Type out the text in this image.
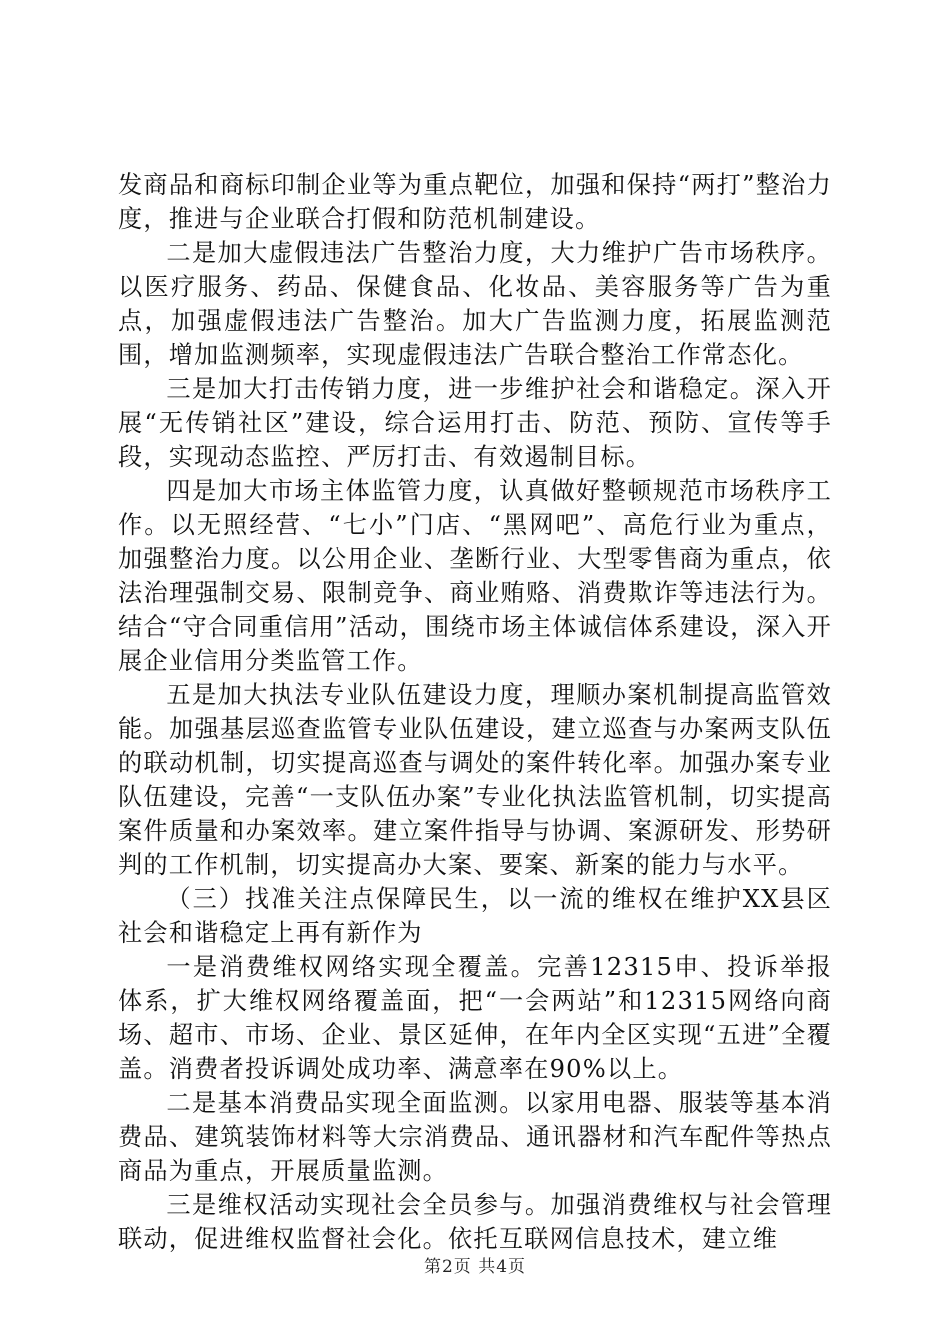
发商品和商标印制企业等为重点靶位，加强和保持“两打”整治力度，推进与企业联合打假和防范机制建设。

二是加大虚假违法广告整治力度，大力维护广告市场秩序。以医疗服务、药品、保健食品、化妆品、美容服务等广告为重点，加强虚假违法广告整治。加大广告监测力度，拓展监测范围，增加监测频率，实现虚假违法广告联合整治工作常态化。

三是加大打击传销力度，进一步维护社会和谐稳定。深入开展“无传销社区”建设，综合运用打击、防范、预防、宣传等手段，实现动态监控、严厉打击、有效遏制目标。

四是加大市场主体监管力度，认真做好整顿规范市场秩序工作。以无照经营、“七小”门店、“黑网吧”、高危行业为重点，加强整治力度。以公用企业、垄断行业、大型零售商为重点，依法治理强制交易、限制竞争、商业贿赂、消费欺诈等违法行为。结合“守合同重信用”活动，围绕市场主体诚信体系建设，深入开展企业信用分类监管工作。

五是加大执法专业队伍建设力度，理顺办案机制提高监管效能。加强基层巡查监管专业队伍建设，建立巡查与办案两支队伍的联动机制，切实提高巡查与调处的案件转化率。加强办案专业队伍建设，完善“一支队伍办案”专业化执法监管机制，切实提高案件质量和办案效率。建立案件指导与协调、案源研发、形势研判的工作机制，切实提高办大案、要案、新案的能力与水平。

（三）找准关注点保障民生，以一流的维权在维护XX县区社会和谐稳定上再有新作为

一是消费维权网络实现全覆盖。完善12315申、投诉举报体系，扩大维权网络覆盖面，把“一会两站”和12315网络向商场、超市、市场、企业、景区延伸，在年内全区实现“五进”全覆盖。消费者投诉调处成功率、满意率在90%以上。

二是基本消费品实现全面监测。以家用电器、服装等基本消费品、建筑装饰材料等大宗消费品、通讯器材和汽车配件等热点商品为重点，开展质量监测。

三是维权活动实现社会全员参与。加强消费维权与社会管理联动，促进维权监督社会化。依托互联网信息技术，建立维

第2页 共4页
